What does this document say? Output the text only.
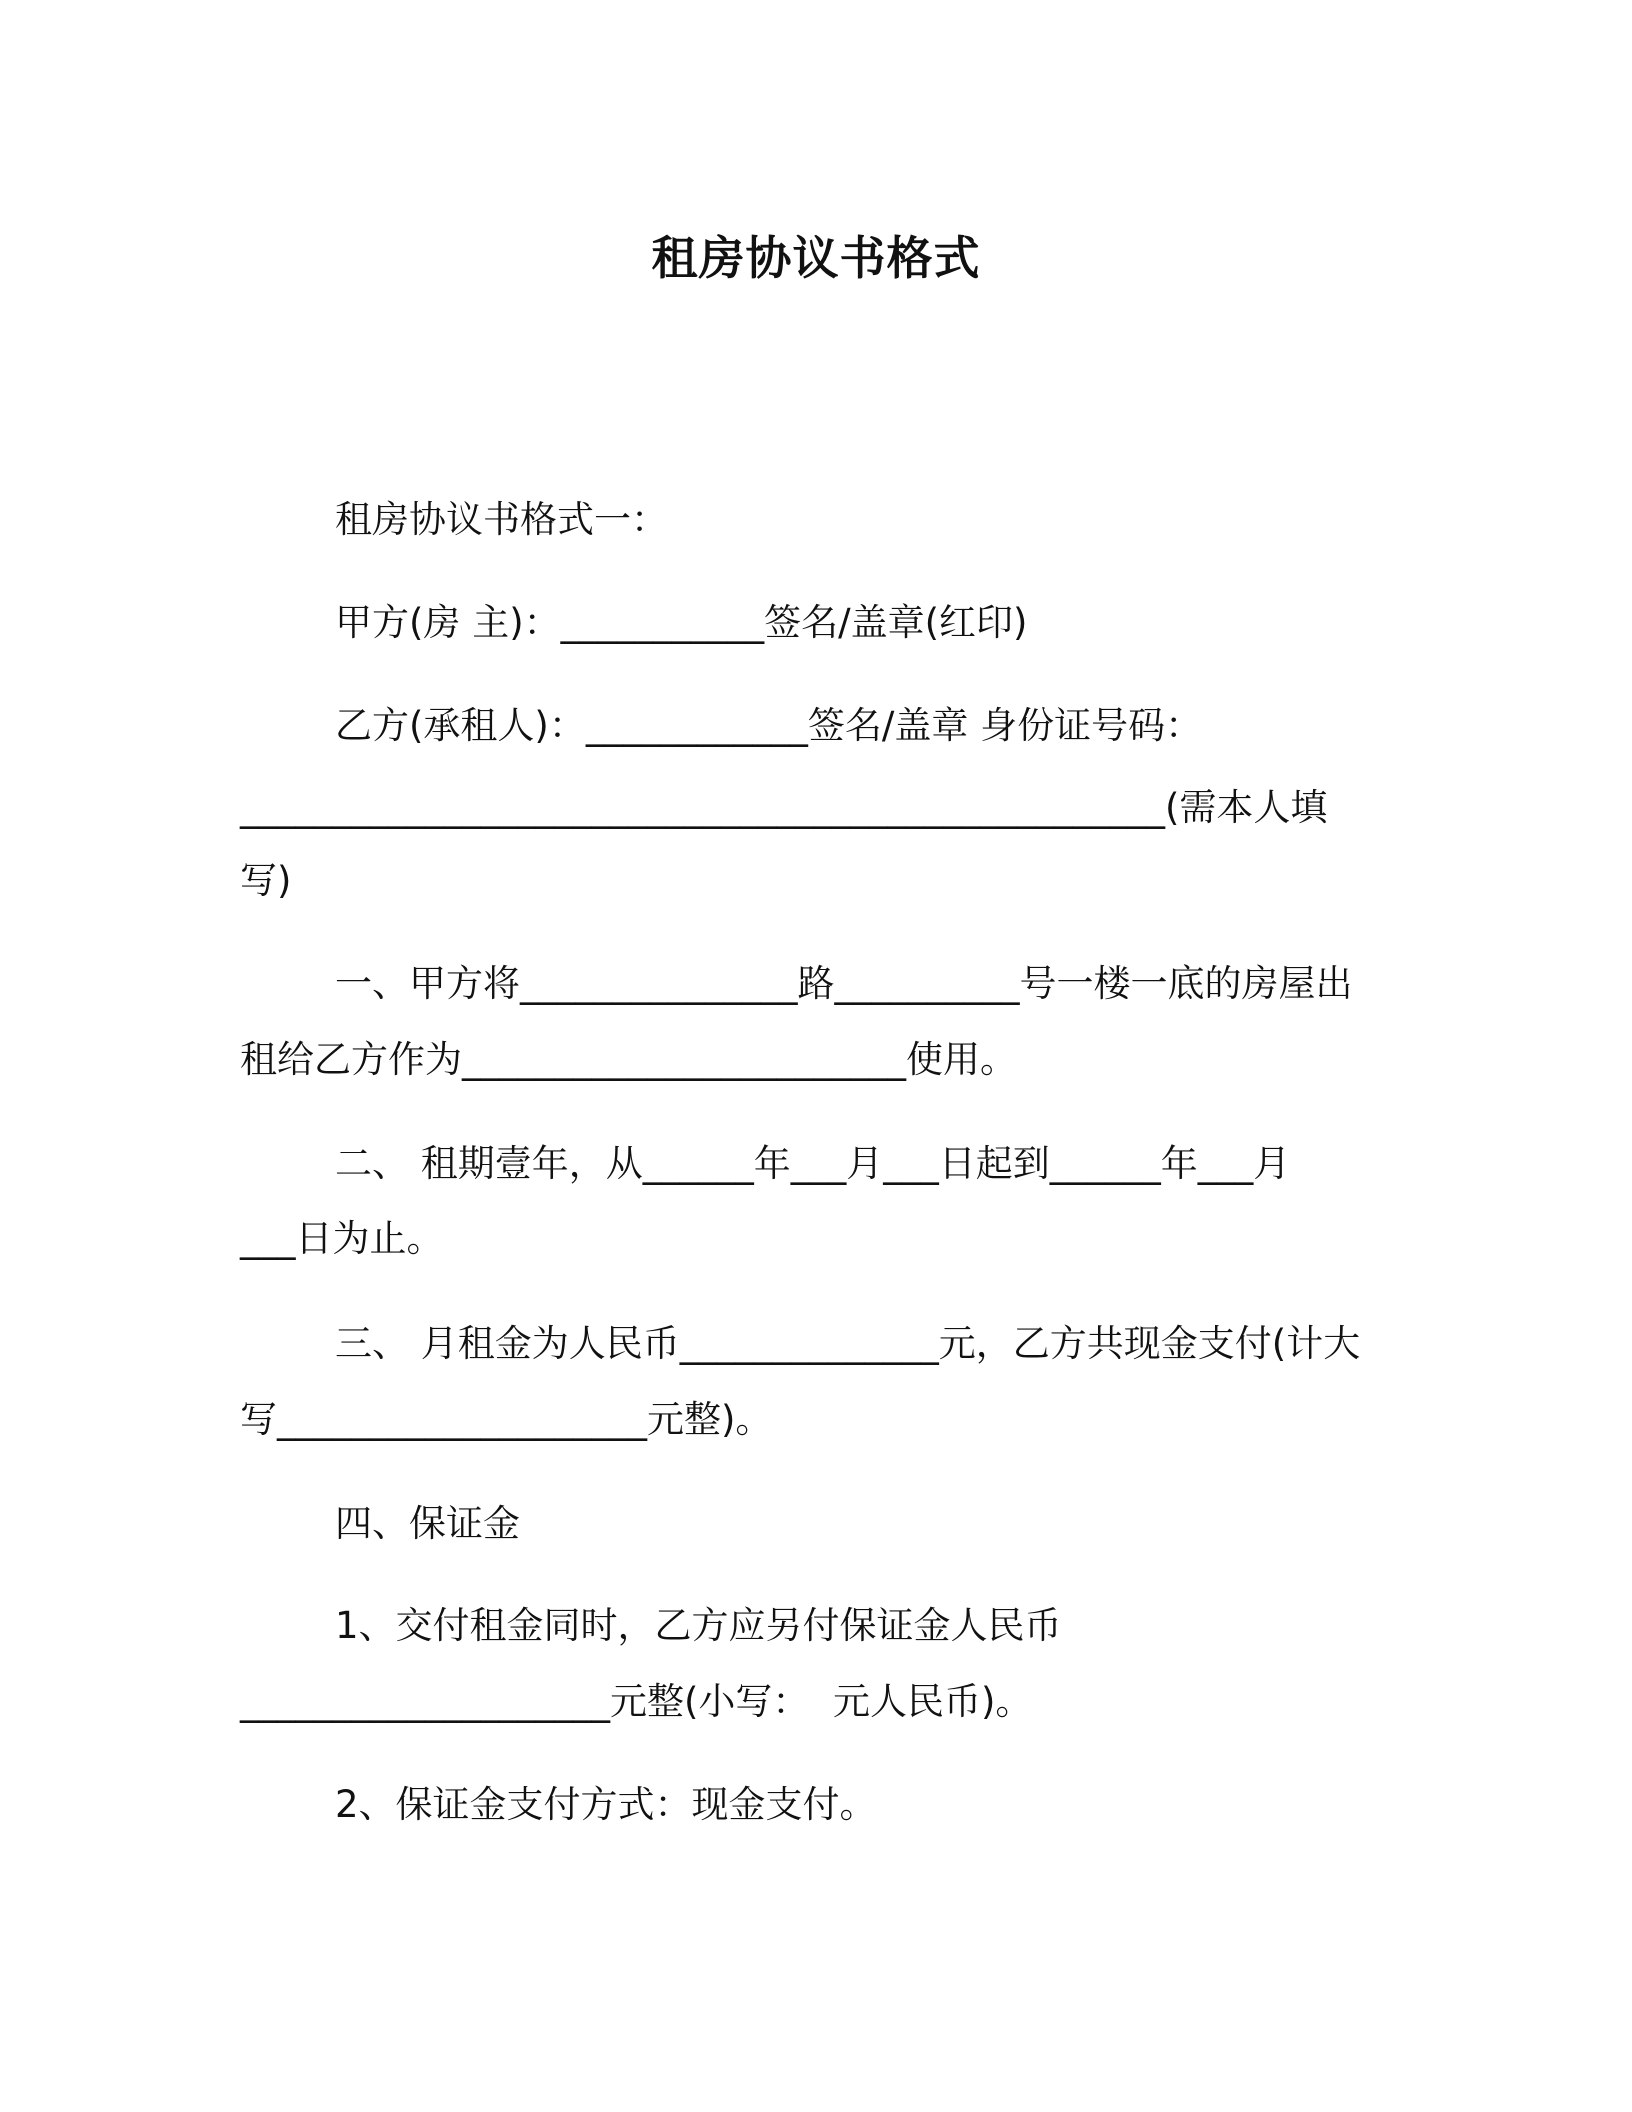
租房协议书格式
租房协议书格式一：
甲方(房 主)：___________签名/盖章(红印)
乙方(承租人)：____________签名/盖章 身份证号码：
__________________________________________________(需本人填
写)
一、甲方将_______________路__________号一楼一底的房屋出
租给乙方作为________________________使用。
二、 租期壹年，从______年___月___日起到______年___月
___日为止。
三、 月租金为人民币______________元，乙方共现金支付(计大
写____________________元整)。
四、保证金
1、交付租金同时，乙方应另付保证金人民币
____________________元整(小写：  元人民币)。
2、保证金支付方式：现金支付。
